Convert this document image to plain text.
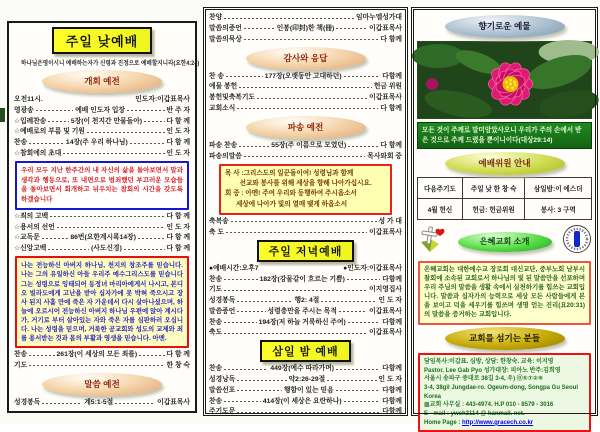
주일 낮예배
하나님은영이시니 예배하는자가 신령과 진정으로 예배할지니라(요한4:24)
개회 예전
오전11시.	인도자:이갑표목사
영광송	예배 인도자 입장	반 주 자
☆입례찬송	5장(이 천지간 만물들아)	다 함 께
☆예배로의 부름 및 기원	인 도 자
찬송	14장(주 우리 하나님)	다 함 께
☆참회에의 초대	인 도 자
우리 모두 지난 한주간의 내 자신의 삶을 돌아보면서 말과 생각과 행동으로, 또 내면으로 범죄했던 부끄러운 모습들을 돌아보면서 회개하고 뉘우치는 참회의 시간을 갖도록 하겠습니다
☆죄의 고백	다 함 께
☆용서의 선언	인 도 자
☆교독문	86번(요한계시록14장)	다 함 께
☆신앙고백	(사도신경)	다 함 께
나는 전능하신 아버지 하나님, 천지의 창조주를 믿습니다. 나는 그의 유일하신 아들 우리주 예수그리스도를 믿습니다그는 성령으로 잉태되어 동정녀 마리아에게서 나시고, 본디오 빌라도에게 고난을 받아 십자가에 못 박혀 죽으시고 장사 된지 사흘 만에 죽은 자 가운데서 다시 살아나셨으며, 하늘에 오르시어 전능하신 아버지 하나님 우편에 앉아 계시다가, 거기로 부터 살아있는 자와 죽은 자를 심판하러 오십니다. 나는 성령을 믿으며, 거룩한 공교회와 성도의 교제와 죄를 용서받는 것과 몸의 부활과 영생을 믿습니다. 아멘.
찬송	261장(이 세상의 모든 죄를)	다 함 께
기도	한 창 숙
말씀 예전
성경봉독	계5:1-5절	이갑표목사
찬양	임마누엘성가대
말씀의증언	인봉(印封)한 책(冊)	이갑표목사
말씀의묵상	다 함께
감사와 응답
찬 송	177장(오랫동안 고대하던)	다함께
예물 봉헌	헌금 위원
봉헌및축복기도	이갑표목사
교회소식	다 함께
파송 예전
파송 찬송	55장(주 이름으로 모였던)	다 함께
파송의말씀	목사와회 중
목 사 :그리스도의 일꾼들이여! 성령님과 함께
선교와 봉사를 위해 세상을 향해 나아가십시요.
회 중 : 아멘! 주여 우리와 동행하여 주시옵소서
세상에 나아가 빛의 열매 맺게 하옵소서
축복송	성 가 대
축 도	이갑표목사
주일 저녁예배
●예배시간:오후7	●인도자:이갑표목사
찬송	182장(강물같이 흐르는 기쁨)	다함께
기도	이지영집사
성경봉독	행2: 4절	인 도 자
말씀증언	성령충만을 주시는 목적	이갑표목사
찬송	194장(저 하늘 거룩하신 주여)	다함께
축도	이갑표목사
삼일 밤 예배
찬송	449장(예수 따라가며)	다함께
성경낭독	약2:26-29절	인 도 자
말씀선포	행함이 있는 믿음	다함께
찬송	414장(이 세상은 요란하나)	다함께
주기도문	다함께
향기로운 예물
모든 것이 주께로 말미암았사오니 우리가 주의 손에서 받은 것으로 주께 드렸을 뿐이니이다(대상29:14)
예배위원 안내
다음주기도	주일 낮 한 창 숙	삼일밤:이 에스더
4월 헌신	헌금: 헌금위원	봉사: 3 구역
은혜교회 소개
은혜교회는 대한예수교 장로회 대신교단, 중부노회 남부시찰회에 소속된 교회로서 하나님의 빛 된 말씀만을 선포하며 우리 주님의 말씀을 생활 속에서 실천하기를 힘쓰는 교회입니다. 말씀과 십자가의 능력으로 세상 모든 사람들에게 본을 보이고 덕을 세우기를 힘쓰며 생명 얻는 진리(요20:31)의 말씀을 증거하는 교회입니다.
교회를 섬기는 분들
담임목사:이갑표. 심방, 상담: 한창숙. 교육: 이지영
Pastor. Lee Gab Pyo 성가대장: 피아노 반주:김희영
서울시 송파구 중대로 38길 3-4, 우) ⓪⑤⑦②⑨
3-4, 38gil Jungdae-ro. Ogeum-dong, Songpa Gu Seoul Korea
▩교회 사무실 : 443-4974. H.P 010 - 8579 - 3016
E - mail : ywch3114 @ hanmail. net.
Home Page : http://www.gracech.co.kr
